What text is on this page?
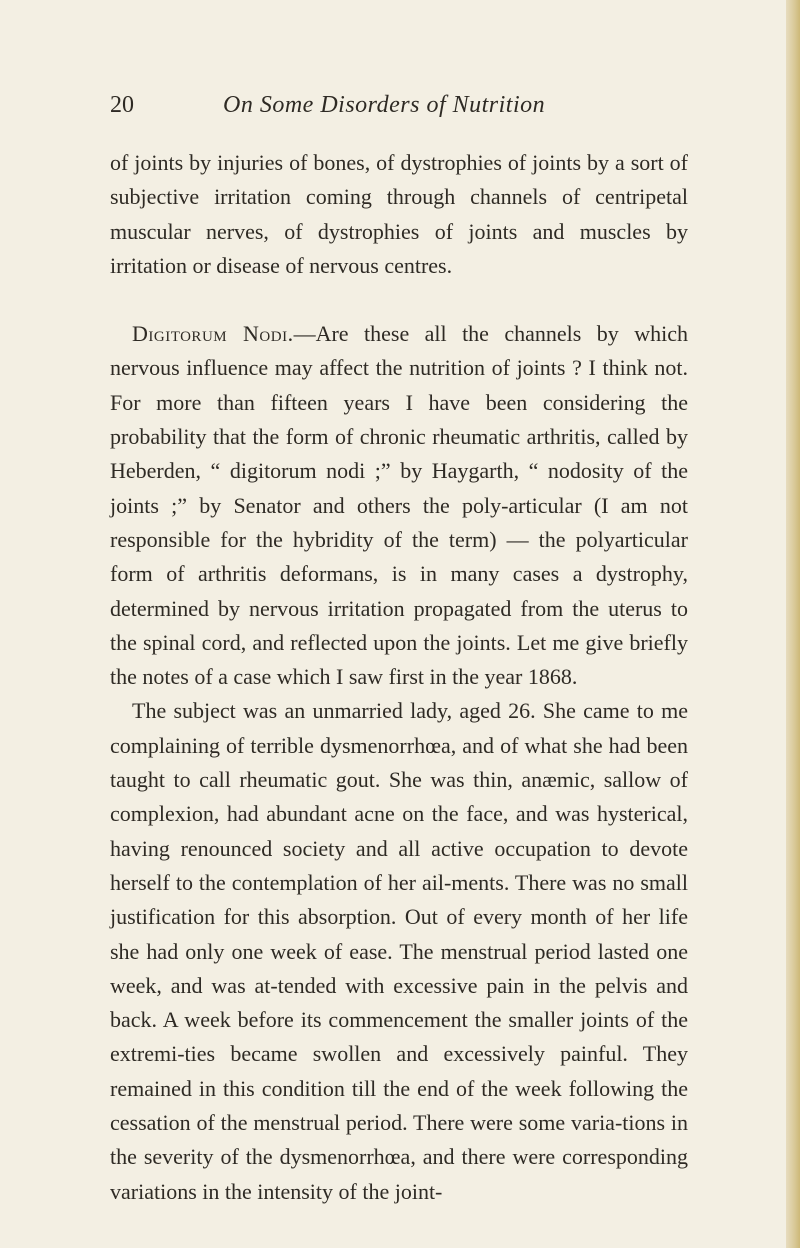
20	On Some Disorders of Nutrition

of joints by injuries of bones, of dystrophies of joints by a sort of subjective irritation coming through channels of centripetal muscular nerves, of dystrophies of joints and muscles by irritation or disease of nervous centres.

Digitorum Nodi.—Are these all the channels by which nervous influence may affect the nutrition of joints ? I think not. For more than fifteen years I have been considering the probability that the form of chronic rheumatic arthritis, called by Heberden, “ digitorum nodi ;” by Haygarth, “ nodosity of the joints ;” by Senator and others the poly-articular (I am not responsible for the hybridity of the term) — the polyarticular form of arthritis deformans, is in many cases a dystrophy, determined by nervous irritation propagated from the uterus to the spinal cord, and reflected upon the joints. Let me give briefly the notes of a case which I saw first in the year 1868.

The subject was an unmarried lady, aged 26. She came to me complaining of terrible dysmenorrhœa, and of what she had been taught to call rheumatic gout. She was thin, anæmic, sallow of complexion, had abundant acne on the face, and was hysterical, having renounced society and all active occupation to devote herself to the contemplation of her ail-ments. There was no small justification for this absorption. Out of every month of her life she had only one week of ease. The menstrual period lasted one week, and was at-tended with excessive pain in the pelvis and back. A week before its commencement the smaller joints of the extremi-ties became swollen and excessively painful. They remained in this condition till the end of the week following the cessation of the menstrual period. There were some varia-tions in the severity of the dysmenorrhœa, and there were corresponding variations in the intensity of the joint-
